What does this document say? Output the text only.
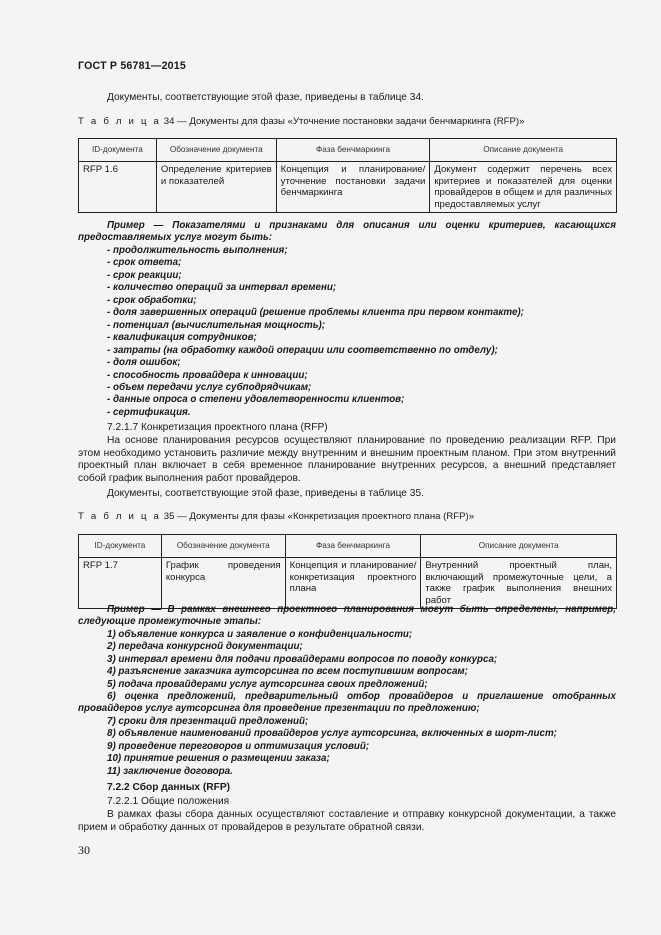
ГОСТ Р 56781—2015
Документы, соответствующие этой фазе, приведены в таблице 34.
Т а б л и ц а 34 — Документы для фазы «Уточнение постановки задачи бенчмаркинга (RFP)»
ID-документа	Обозначение документа	Фаза бенчмаркинга	Описание документа
RFP 1.6	Определение критериев и показателей	Концепция и планирование/уточнение постановки задачи бенчмаркинга	Документ содержит перечень всех критериев и показателей для оценки провайдеров в общем и для различных предоставляемых услуг
Пример — Показателями и признаками для описания или оценки критериев, касающихся предоставляемых услуг могут быть:
- продолжительность выполнения;
- срок ответа;
- срок реакции;
- количество операций за интервал времени;
- срок обработки;
- доля завершенных операций (решение проблемы клиента при первом контакте);
- потенциал (вычислительная мощность);
- квалификация сотрудников;
- затраты (на обработку каждой операции или соответственно по отделу);
- доля ошибок;
- способность провайдера к инновации;
- объем передачи услуг субподрядчикам;
- данные опроса о степени удовлетворенности клиентов;
- сертификация.
7.2.1.7 Конкретизация проектного плана (RFP)
На основе планирования ресурсов осуществляют планирование по проведению реализации RFP. При этом необходимо установить различие между внутренним и внешним проектным планом. При этом внутренний проектный план включает в себя временное планирование внутренних ресурсов, а внешний представляет собой график выполнения работ провайдеров.
Документы, соответствующие этой фазе, приведены в таблице 35.
Т а б л и ц а 35 — Документы для фазы «Конкретизация проектного плана (RFP)»
ID-документа	Обозначение документа	Фаза бенчмаркинга	Описание документа
RFP 1.7	График проведения конкурса	Концепция и планирование/конкретизация проектного плана	Внутренний проектный план, включающий промежуточные цели, а также график выполнения внешних работ
Пример — В рамках внешнего проектного планирования могут быть определены, например, следующие промежуточные этапы:
1) объявление конкурса и заявление о конфиденциальности;
2) передача конкурсной документации;
3) интервал времени для подачи провайдерами вопросов по поводу конкурса;
4) разъяснение заказчика аутсорсинга по всем поступившим вопросам;
5) подача провайдерами услуг аутсорсинга своих предложений;
6) оценка предложений, предварительный отбор провайдеров и приглашение отобранных провайдеров услуг аутсорсинга для проведение презентации по предложению;
7) сроки для презентаций предложений;
8) объявление наименований провайдеров услуг аутсорсинга, включенных в шорт-лист;
9) проведение переговоров и оптимизация условий;
10) принятие решения о размещении заказа;
11) заключение договора.
7.2.2 Сбор данных (RFP)
7.2.2.1 Общие положения
В рамках фазы сбора данных осуществляют составление и отправку конкурсной документации, а также прием и обработку данных от провайдеров в результате обратной связи.
30
